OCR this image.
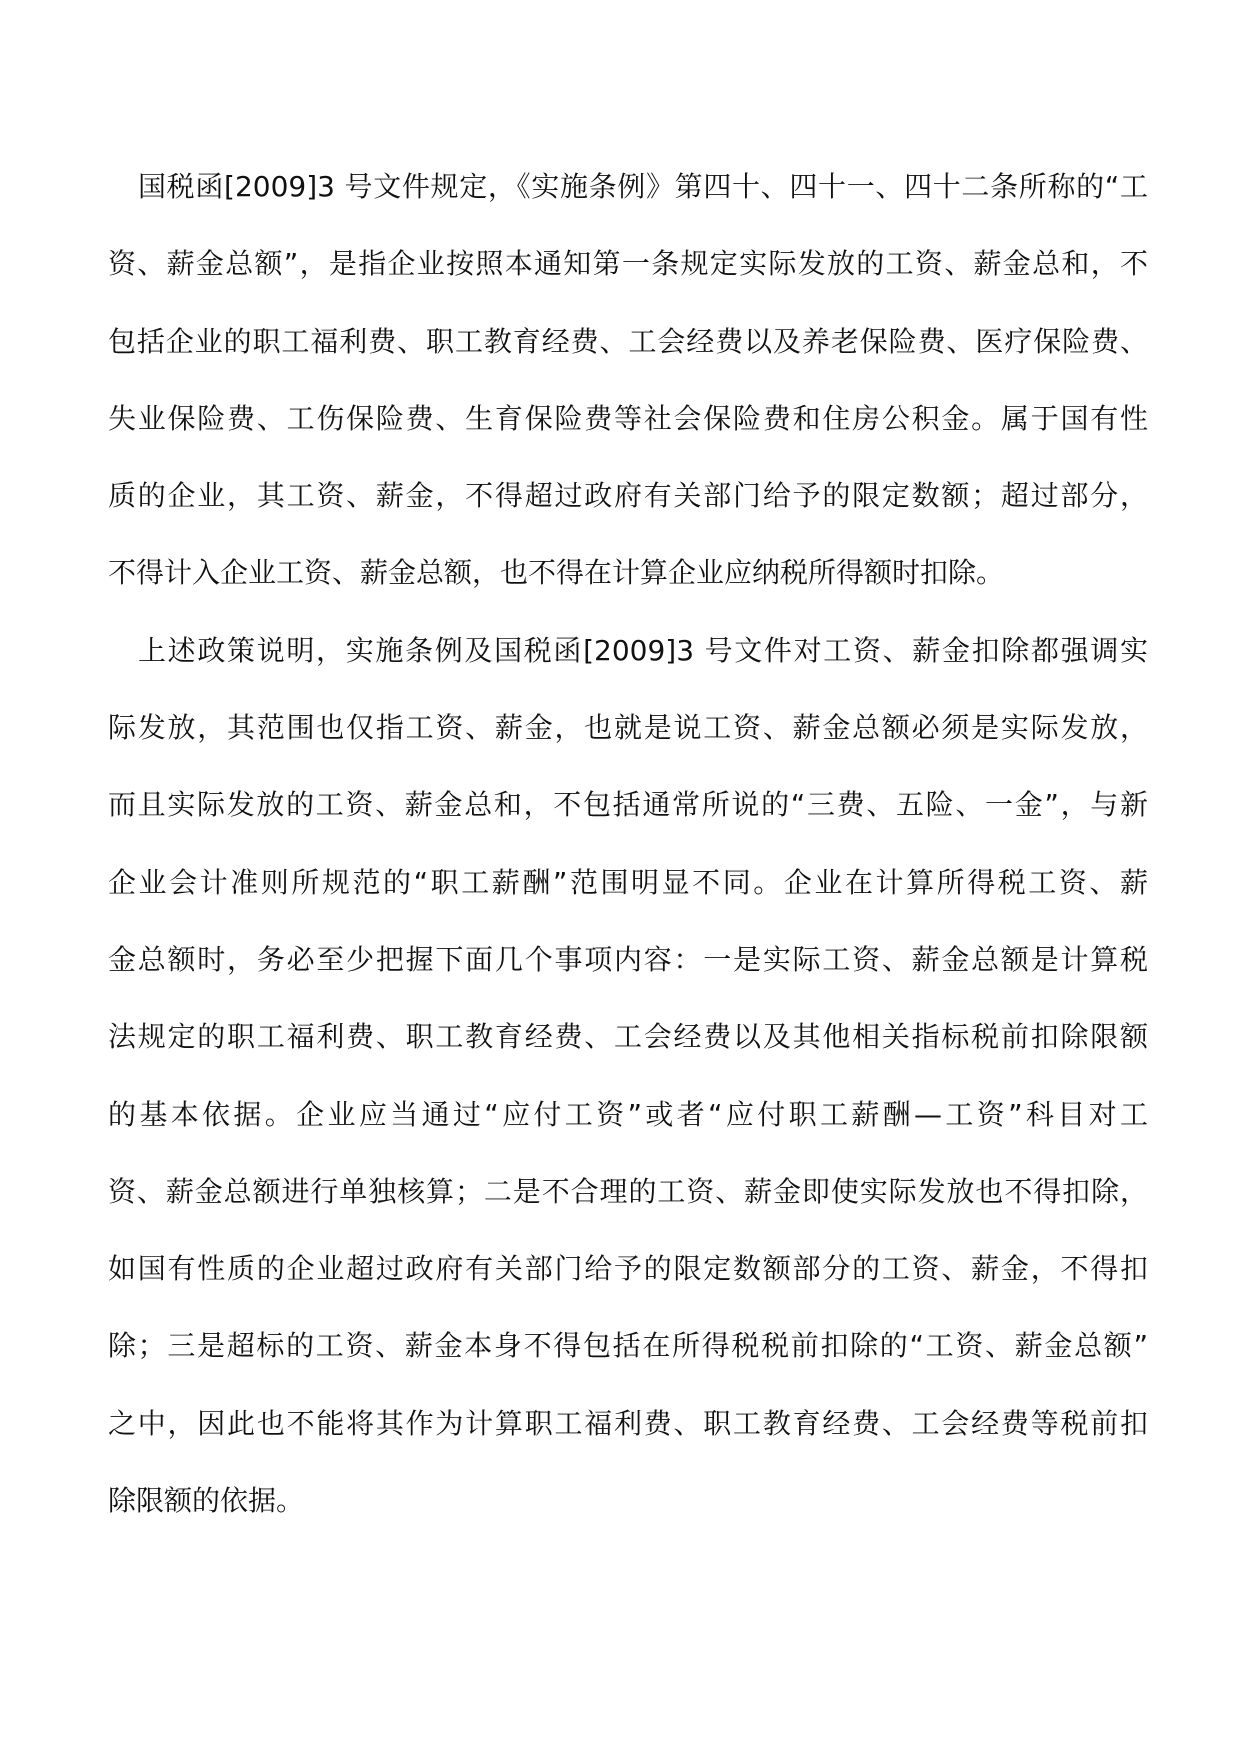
国税函[2009]3 号文件规定，《实施条例》第四十、四十一、四十二条所称的“工
资、薪金总额”，是指企业按照本通知第一条规定实际发放的工资、薪金总和，不
包括企业的职工福利费、职工教育经费、工会经费以及养老保险费、医疗保险费、
失业保险费、工伤保险费、生育保险费等社会保险费和住房公积金。属于国有性
质的企业，其工资、薪金，不得超过政府有关部门给予的限定数额；超过部分，
不得计入企业工资、薪金总额，也不得在计算企业应纳税所得额时扣除。
上述政策说明，实施条例及国税函[2009]3 号文件对工资、薪金扣除都强调实
际发放，其范围也仅指工资、薪金，也就是说工资、薪金总额必须是实际发放，
而且实际发放的工资、薪金总和，不包括通常所说的“三费、五险、一金”，与新
企业会计准则所规范的“职工薪酬”范围明显不同。企业在计算所得税工资、薪
金总额时，务必至少把握下面几个事项内容：一是实际工资、薪金总额是计算税
法规定的职工福利费、职工教育经费、工会经费以及其他相关指标税前扣除限额
的基本依据。企业应当通过“应付工资”或者“应付职工薪酬—工资”科目对工
资、薪金总额进行单独核算；二是不合理的工资、薪金即使实际发放也不得扣除，
如国有性质的企业超过政府有关部门给予的限定数额部分的工资、薪金，不得扣
除；三是超标的工资、薪金本身不得包括在所得税税前扣除的“工资、薪金总额”
之中，因此也不能将其作为计算职工福利费、职工教育经费、工会经费等税前扣
除限额的依据。
